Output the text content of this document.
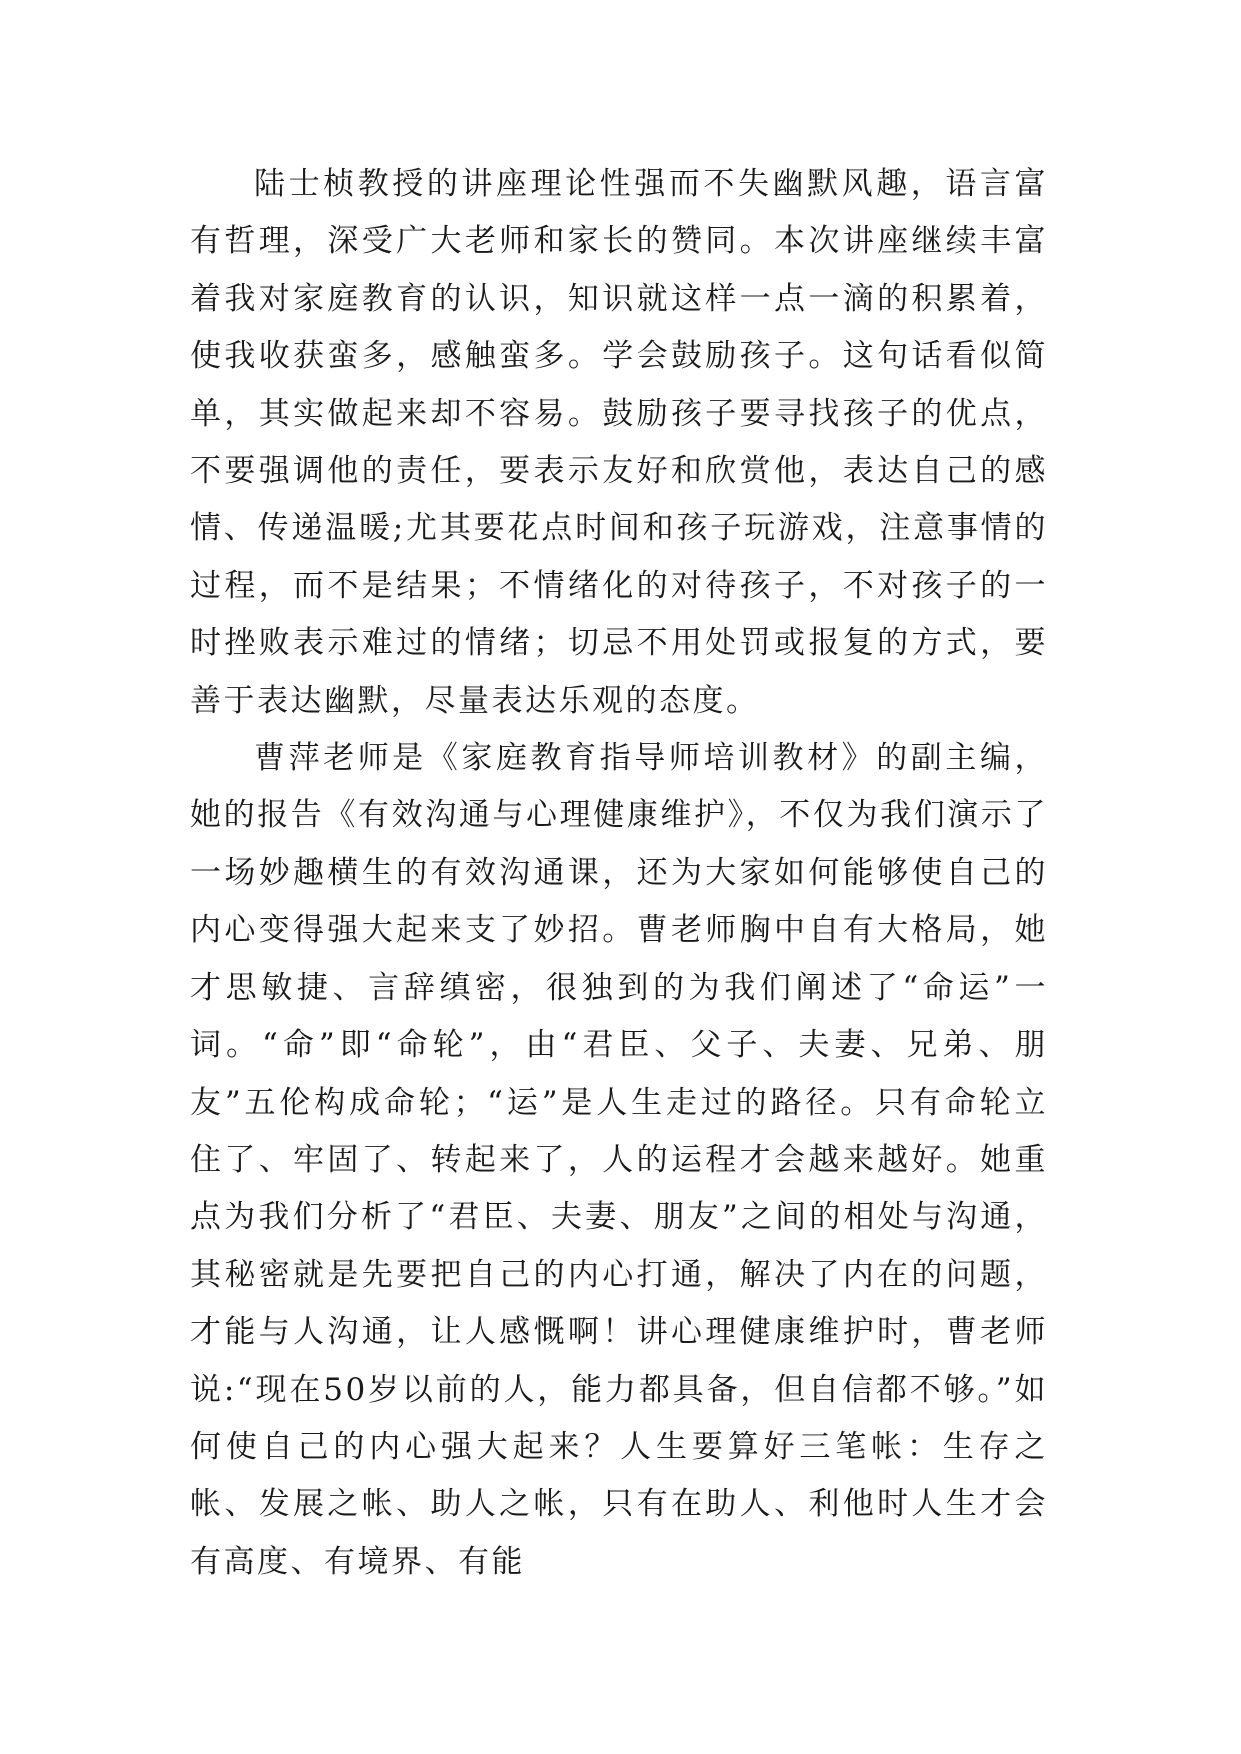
陆士桢教授的讲座理论性强而不失幽默风趣，语言富有哲理，深受广大老师和家长的赞同。本次讲座继续丰富着我对家庭教育的认识，知识就这样一点一滴的积累着，使我收获蛮多，感触蛮多。学会鼓励孩子。这句话看似简单，其实做起来却不容易。鼓励孩子要寻找孩子的优点，不要强调他的责任，要表示友好和欣赏他，表达自己的感情、传递温暖;尤其要花点时间和孩子玩游戏，注意事情的过程，而不是结果；不情绪化的对待孩子，不对孩子的一时挫败表示难过的情绪；切忌不用处罚或报复的方式，要善于表达幽默，尽量表达乐观的态度。

曹萍老师是《家庭教育指导师培训教材》的副主编，她的报告《有效沟通与心理健康维护》，不仅为我们演示了一场妙趣横生的有效沟通课，还为大家如何能够使自己的内心变得强大起来支了妙招。曹老师胸中自有大格局，她才思敏捷、言辞缜密，很独到的为我们阐述了“命运”一词。“命”即“命轮”，由“君臣、父子、夫妻、兄弟、朋友”五伦构成命轮；“运”是人生走过的路径。只有命轮立住了、牢固了、转起来了，人的运程才会越来越好。她重点为我们分析了“君臣、夫妻、朋友”之间的相处与沟通，其秘密就是先要把自己的内心打通，解决了内在的问题，才能与人沟通，让人感慨啊！讲心理健康维护时，曹老师说:“现在50岁以前的人，能力都具备，但自信都不够。”如何使自己的内心强大起来？人生要算好三笔帐：生存之帐、发展之帐、助人之帐，只有在助人、利他时人生才会有高度、有境界、有能
